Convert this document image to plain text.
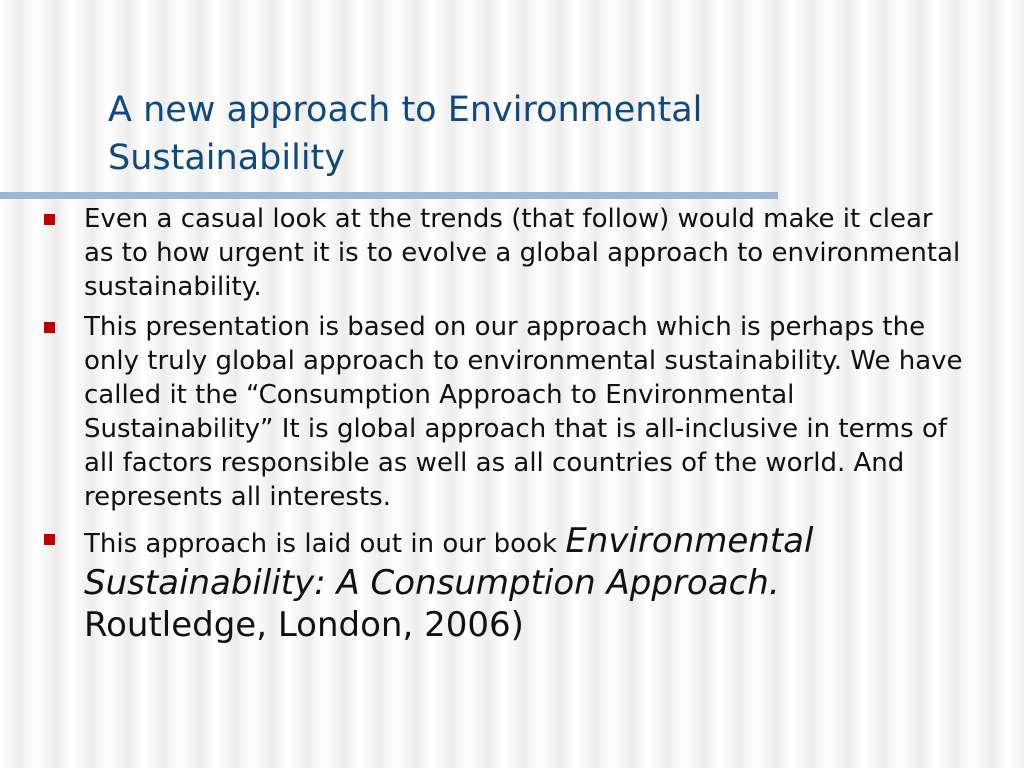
A new approach to Environmental
Sustainability
Even a casual look at the trends (that follow) would make it clear as to how urgent it is to evolve a global approach to environmental sustainability.
This presentation is based on our approach which is perhaps the only truly global approach to environmental sustainability. We have called it the “Consumption Approach to Environmental Sustainability” It is global approach that is all-inclusive in terms of all factors responsible as well as all countries of the world. And represents all interests.
This approach is laid out in our book Environmental Sustainability: A Consumption Approach. Routledge, London, 2006)
